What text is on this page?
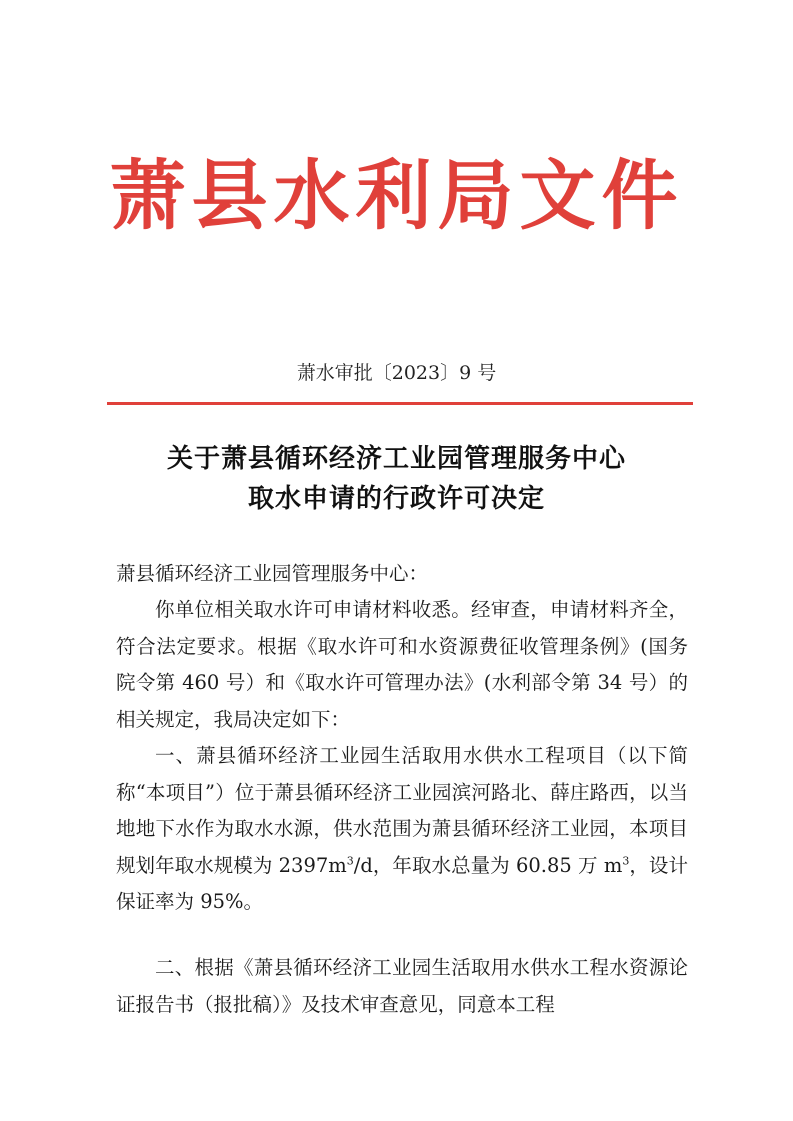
萧县水利局文件
萧水审批〔2023〕9 号
关于萧县循环经济工业园管理服务中心
取水申请的行政许可决定
萧县循环经济工业园管理服务中心：
你单位相关取水许可申请材料收悉。经审查，申请材料齐全，符合法定要求。根据《取水许可和水资源费征收管理条例》(国务院令第 460 号）和《取水许可管理办法》(水利部令第 34 号）的相关规定，我局决定如下：
一、萧县循环经济工业园生活取用水供水工程项目（以下简称“本项目”）位于萧县循环经济工业园滨河路北、薛庄路西，以当地地下水作为取水水源，供水范围为萧县循环经济工业园，本项目规划年取水规模为 $2397m^3/d$，年取水总量为 60.85 万 $m^3$，设计保证率为 95%。
二、根据《萧县循环经济工业园生活取用水供水工程水资源论证报告书（报批稿）》及技术审查意见，同意本工程
